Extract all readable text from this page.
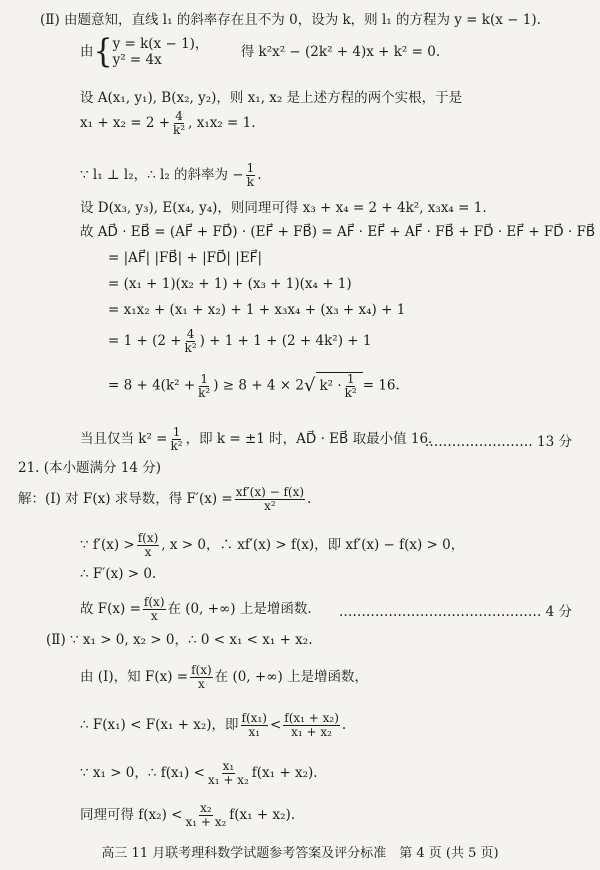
(Ⅱ) 由题意知，直线 l₁ 的斜率存在且不为 0，设为 k，则 l₁ 的方程为 y = k(x − 1).
由{ y = k(x − 1)，
y² = 4x
得 k²x² − (2k² + 4)x + k² = 0.
设 A(x₁, y₁), B(x₂, y₂)，则 x₁, x₂ 是上述方程的两个实根，于是
$x_1 + x_2 = 2 + \frac{4}{\text{k²}}$ , x₁x₂ = 1.
∵ l₁ ⊥ l₂，∴ l₂ 的斜率为 − $\frac{1}{k}$ .
设 D(x₃, y₃), E(x₄, y₄)，则同理可得 x₃ + x₄ = 2 + 4k², x₃x₄ = 1.
故 AD⃗ · EB⃗ = (AF⃗ + FD⃗) · (EF⃗ + FB⃗) = AF⃗ · EF⃗ + AF⃗ · FB⃗ + FD⃗ · EF⃗ + FD⃗ · FB⃗
= |AF⃗| |FB⃗| + |FD⃗| |EF⃗|
= (x₁ + 1)(x₂ + 1) + (x₃ + 1)(x₄ + 1)
= x₁x₂ + (x₁ + x₂) + 1 + x₃x₄ + (x₃ + x₄) + 1
= $1 + (2 + \frac{4}{\text{k²}}$ ) + 1 + 1 + (2 + 4k²) + 1
= $8 + 4(k^2 + \frac{1}{\text{k²}}$ ) ≥ 8 + 4 × 2√ $k^2 \cdot \frac{1}{\text{k²}} = 16$.
当且仅当 $k^2 = \frac{1}{\text{k²}}$ ，即 k = ±1 时，AD⃗ · EB⃗ 取最小值 16.
…………………… 13 分
21. (本小题满分 14 分)
解：(Ⅰ) 对 F(x) 求导数，得 $F'(x) = \frac{xf'(x) - f(x)}{\text{x²}}$ .
∵ $f'(x) > \frac{f(x)}{x}$ , x > 0，∴ xf′(x) > f(x)，即 xf′(x) − f(x) > 0，
∴ F′(x) > 0.
故 $F(x) = \frac{f(x)}{x}$ 在 (0, +∞) 上是增函数. ……………………………………… 4 分
(Ⅱ) ∵ x₁ > 0, x₂ > 0，∴ 0 < x₁ < x₁ + x₂.
由 (Ⅰ)，知 $F(x) = \frac{f(x)}{x}$ 在 (0, +∞) 上是增函数，
∴ F(x₁) < F(x₁ + x₂)，即 $\frac{\text{f(x₁)}}{\text{x₁}} < \frac{\text{f(x₁ + x₂)}}{\text{x₁ + x₂}}$ .
∵ x₁ > 0，∴ $f(x_1) < \frac{\text{x₁}}{\text{x₁ + x₂}} f(x_1 + x_2)$.
同理可得 $f(x_2) < \frac{\text{x₂}}{\text{x₁ + x₂}} f(x_1 + x_2)$.
高三 11 月联考理科数学试题参考答案及评分标准　第 4 页 (共 5 页)
